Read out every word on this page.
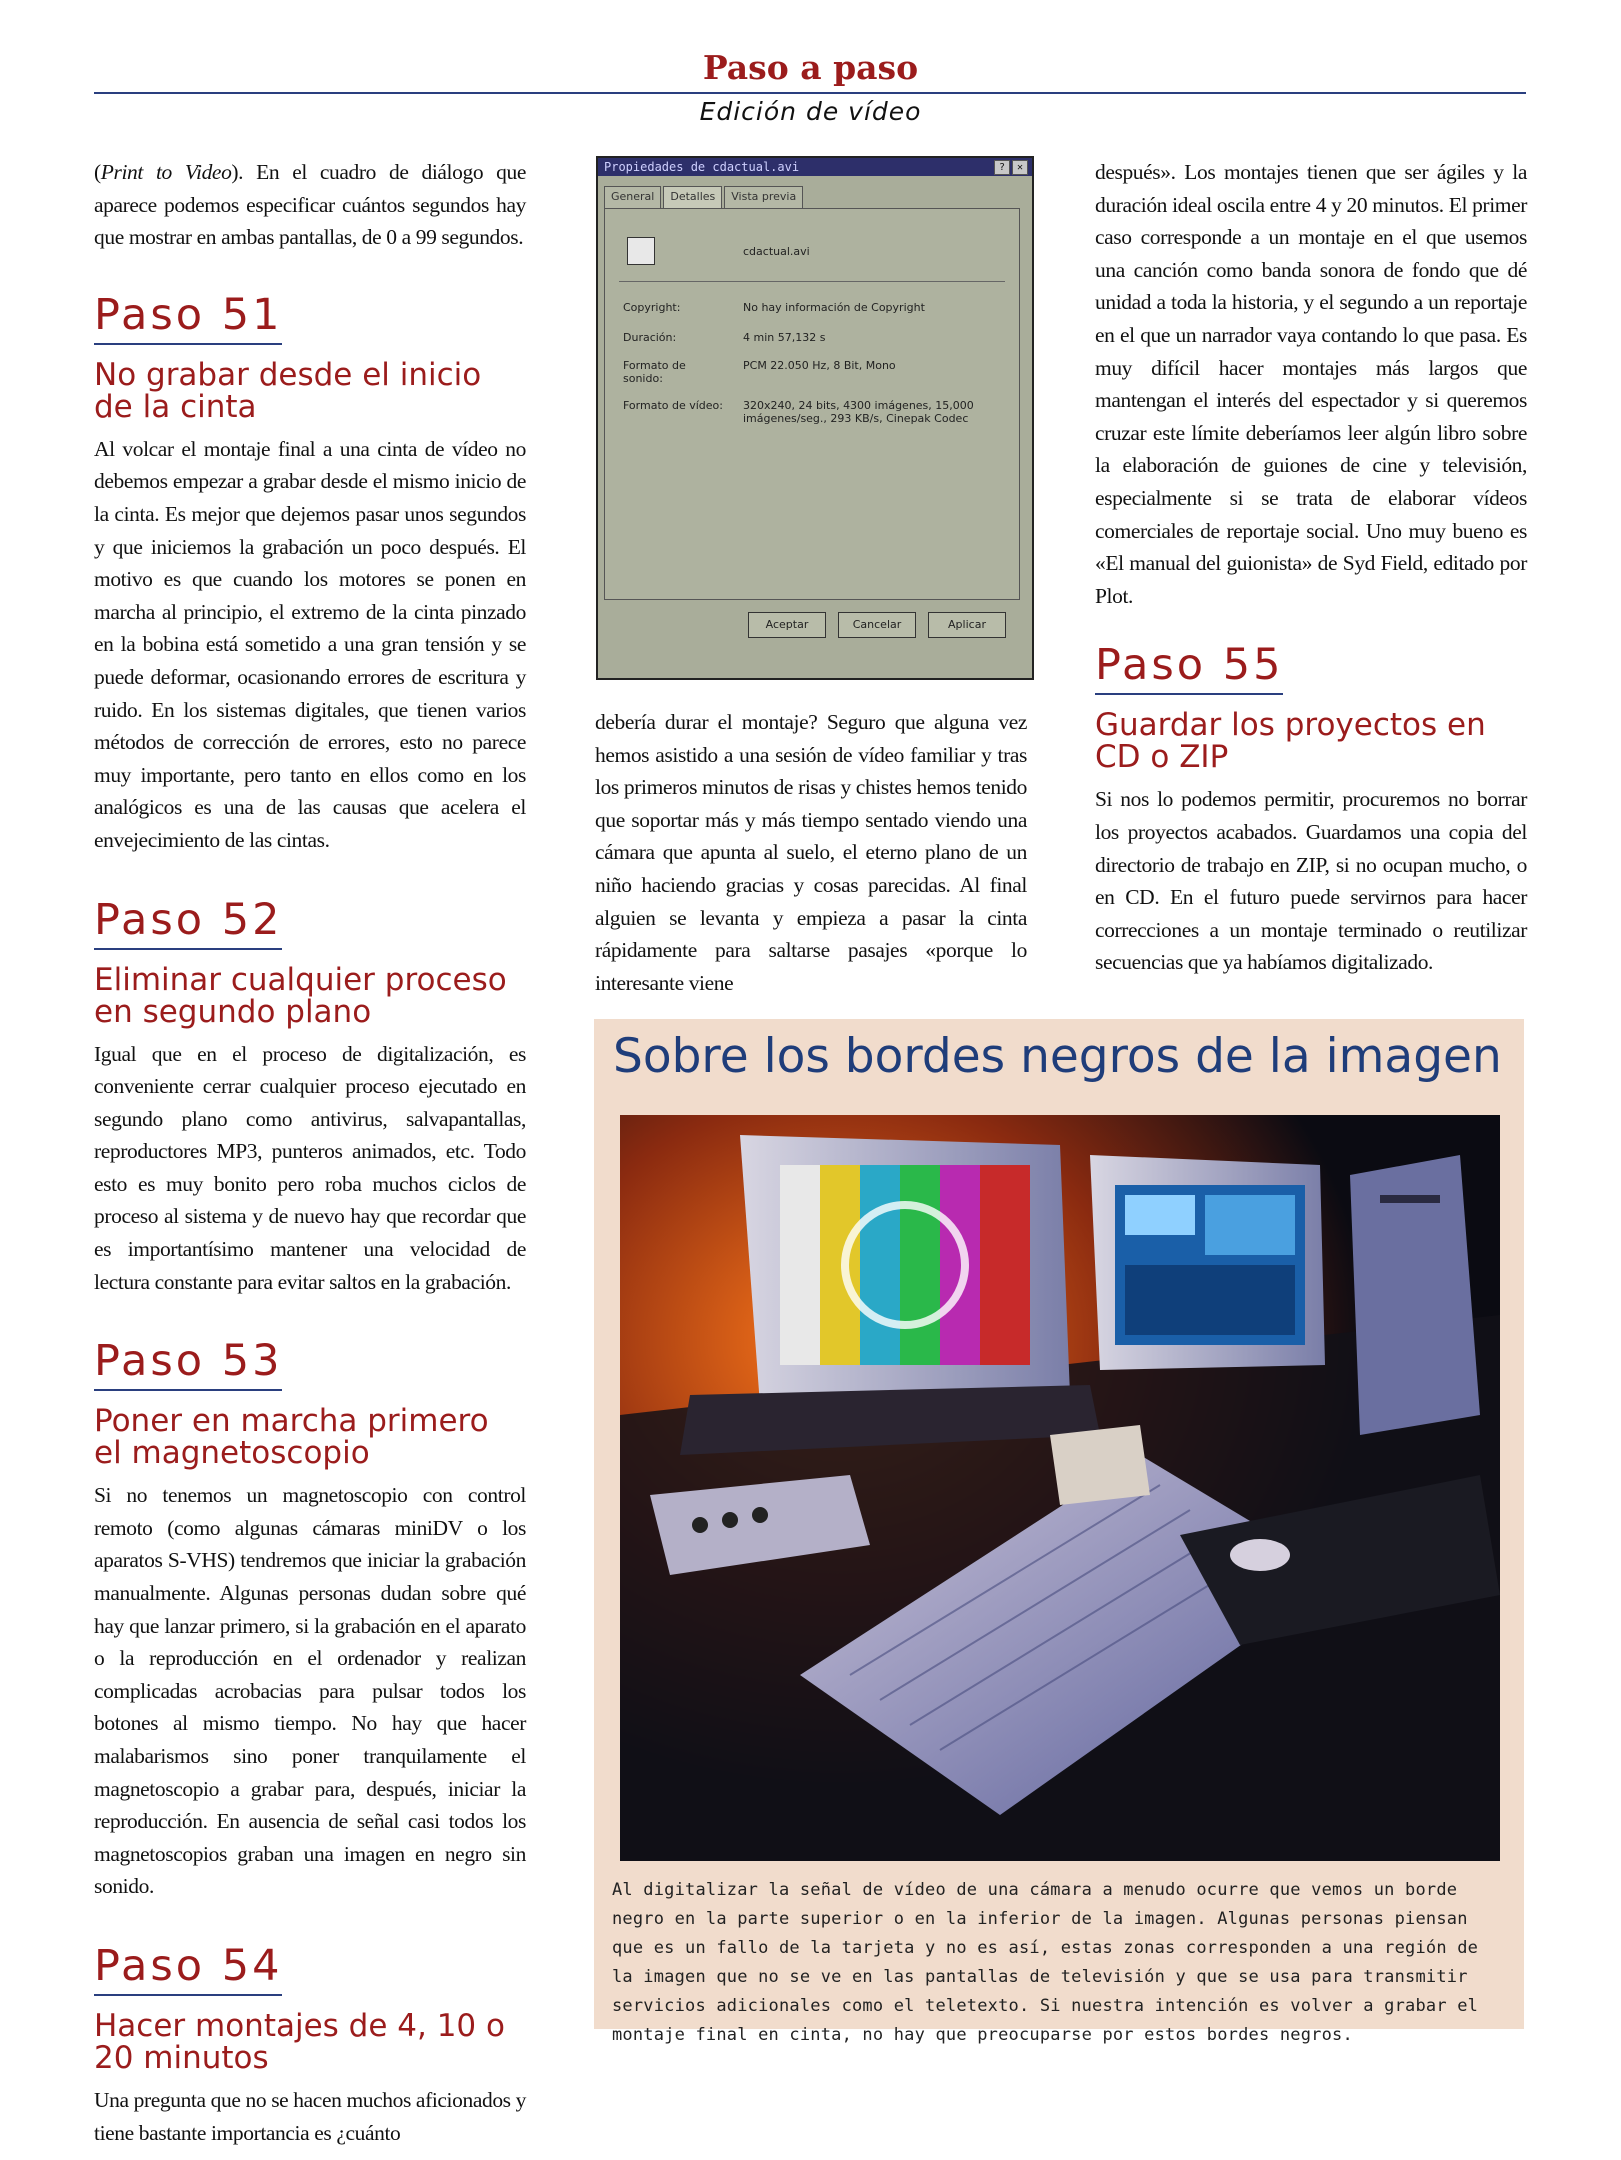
Paso a paso
Edición de vídeo

(Print to Video). En el cuadro de diálogo que aparece podemos especificar cuántos segundos hay que mostrar en ambas pantallas, de 0 a 99 segundos.

Paso 51
No grabar desde el inicio de la cinta

Al volcar el montaje final a una cinta de vídeo no debemos empezar a grabar desde el mismo inicio de la cinta. Es mejor que dejemos pasar unos segundos y que iniciemos la grabación un poco después. El motivo es que cuando los motores se ponen en marcha al principio, el extremo de la cinta pinzado en la bobina está sometido a una gran tensión y se puede deformar, ocasionando errores de escritura y ruido. En los sistemas digitales, que tienen varios métodos de corrección de errores, esto no parece muy importante, pero tanto en ellos como en los analógicos es una de las causas que acelera el envejecimiento de las cintas.

Paso 52
Eliminar cualquier proceso en segundo plano

Igual que en el proceso de digitalización, es conveniente cerrar cualquier proceso ejecutado en segundo plano como antivirus, salvapantallas, reproductores MP3, punteros animados, etc. Todo esto es muy bonito pero roba muchos ciclos de proceso al sistema y de nuevo hay que recordar que es importantísimo mantener una velocidad de lectura constante para evitar saltos en la grabación.

Paso 53
Poner en marcha primero el magnetoscopio

Si no tenemos un magnetoscopio con control remoto (como algunas cámaras miniDV o los aparatos S-VHS) tendremos que iniciar la grabación manualmente. Algunas personas dudan sobre qué hay que lanzar primero, si la grabación en el aparato o la reproducción en el ordenador y realizan complicadas acrobacias para pulsar todos los botones al mismo tiempo. No hay que hacer malabarismos sino poner tranquilamente el magnetoscopio a grabar para, después, iniciar la reproducción. En ausencia de señal casi todos los magnetoscopios graban una imagen en negro sin sonido.

Paso 54
Hacer montajes de 4, 10 o 20 minutos

Una pregunta que no se hacen muchos aficionados y tiene bastante importancia es ¿cuánto

Propiedades de cdactual.avi	?	✕
General	Detalles	Vista previa
cdactual.avi
Copyright:	No hay información de Copyright
Duración:	4 min 57,132 s
Formato de sonido:
PCM 22.050 Hz, 8 Bit, Mono
Formato de vídeo: 320x240, 24 bits, 4300 imágenes, 15,000 imágenes/seg., 293 KB/s, Cinepak Codec
Aceptar	Cancelar	Aplicar

debería durar el montaje? Seguro que alguna vez hemos asistido a una sesión de vídeo familiar y tras los primeros minutos de risas y chistes hemos tenido que soportar más y más tiempo sentado viendo una cámara que apunta al suelo, el eterno plano de un niño haciendo gracias y cosas parecidas. Al final alguien se levanta y empieza a pasar la cinta rápidamente para saltarse pasajes «porque lo interesante viene

después». Los montajes tienen que ser ágiles y la duración ideal oscila entre 4 y 20 minutos. El primer caso corresponde a un montaje en el que usemos una canción como banda sonora de fondo que dé unidad a toda la historia, y el segundo a un reportaje en el que un narrador vaya contando lo que pasa. Es muy difícil hacer montajes más largos que mantengan el interés del espectador y si queremos cruzar este límite deberíamos leer algún libro sobre la elaboración de guiones de cine y televisión, especialmente si se trata de elaborar vídeos comerciales de reportaje social. Uno muy bueno es «El manual del guionista» de Syd Field, editado por Plot.

Paso 55
Guardar los proyectos en CD o ZIP

Si nos lo podemos permitir, procuremos no borrar los proyectos acabados. Guardamos una copia del directorio de trabajo en ZIP, si no ocupan mucho, o en CD. En el futuro puede servirnos para hacer correcciones a un montaje terminado o reutilizar secuencias que ya habíamos digitalizado.

Sobre los bordes negros de la imagen

Al digitalizar la señal de vídeo de una cámara a menudo ocurre que vemos un borde negro en la parte superior o en la inferior de la imagen. Algunas personas piensan que es un fallo de la tarjeta y no es así, estas zonas corresponden a una región de la imagen que no se ve en las pantallas de televisión y que se usa para transmitir servicios adicionales como el teletexto. Si nuestra intención es volver a grabar el montaje final en cinta, no hay que preocuparse por estos bordes negros.
